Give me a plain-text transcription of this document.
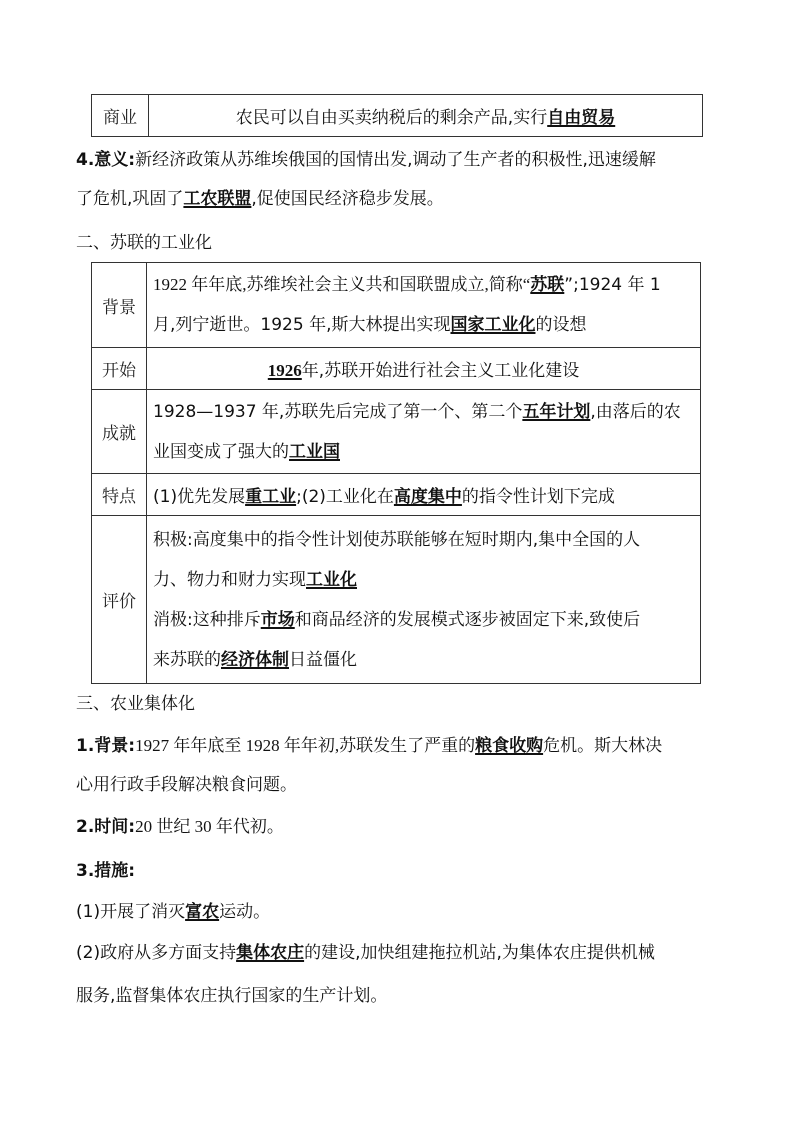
商业	农民可以自由买卖纳税后的剩余产品,实行自由贸易
4.意义:新经济政策从苏维埃俄国的国情出发,调动了生产者的积极性,迅速缓解
了危机,巩固了工农联盟,促使国民经济稳步发展。
二、苏联的工业化
背景	1922 年年底,苏维埃社会主义共和国联盟成立,简称“苏联”;1924 年 1
月,列宁逝世。1925 年,斯大林提出实现国家工业化的设想

开始	1926年,苏联开始进行社会主义工业化建设
成就	1928—1937 年,苏联先后完成了第一个、第二个五年计划,由落后的农
业国变成了强大的工业国

特点	(1)优先发展重工业;(2)工业化在高度集中的指令性计划下完成
评价	积极:高度集中的指令性计划使苏联能够在短时期内,集中全国的人
力、物力和财力实现工业化
消极:这种排斥市场和商品经济的发展模式逐步被固定下来,致使后
来苏联的经济体制日益僵化
三、农业集体化
1.背景:1927 年年底至 1928 年年初,苏联发生了严重的粮食收购危机。斯大林决
心用行政手段解决粮食问题。
2.时间:20 世纪 30 年代初。
3.措施:
(1)开展了消灭富农运动。
(2)政府从多方面支持集体农庄的建设,加快组建拖拉机站,为集体农庄提供机械
服务,监督集体农庄执行国家的生产计划。
